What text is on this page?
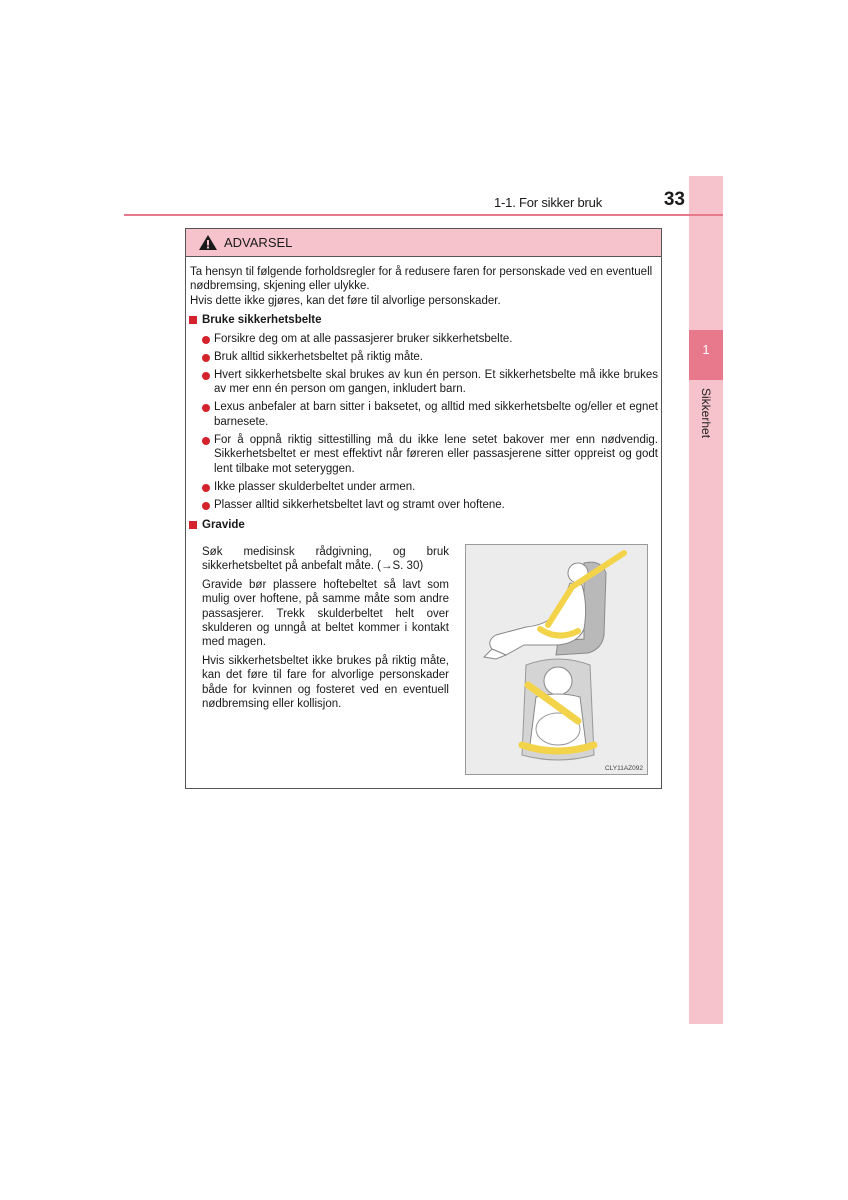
1
Sikkerhet
1-1. For sikker bruk	33
ADVARSEL
Ta hensyn til følgende forholdsregler for å redusere faren for personskade ved en eventuell nødbremsing, skjening eller ulykke.
Hvis dette ikke gjøres, kan det føre til alvorlige personskader.
Bruke sikkerhetsbelte
Forsikre deg om at alle passasjerer bruker sikkerhetsbelte.
Bruk alltid sikkerhetsbeltet på riktig måte.
Hvert sikkerhetsbelte skal brukes av kun én person. Et sikkerhetsbelte må ikke brukes av mer enn én person om gangen, inkludert barn.
Lexus anbefaler at barn sitter i baksetet, og alltid med sikkerhetsbelte og/eller et egnet barnesete.
For å oppnå riktig sittestilling må du ikke lene setet bakover mer enn nødvendig. Sikkerhetsbeltet er mest effektivt når føreren eller passasjerene sitter oppreist og godt lent tilbake mot seteryggen.
Ikke plasser skulderbeltet under armen.
Plasser alltid sikkerhetsbeltet lavt og stramt over hoftene.
Gravide

Søk medisinsk rådgivning, og bruk sikkerhetsbeltet på anbefalt måte. (→S. 30)

Gravide bør plassere hoftebeltet så lavt som mulig over hoftene, på samme måte som andre passasjerer. Trekk skulderbeltet helt over skulderen og unngå at beltet kommer i kontakt med magen.

Hvis sikkerhetsbeltet ikke brukes på riktig måte, kan det føre til fare for alvorlige personskader både for kvinnen og fosteret ved en eventuell nødbremsing eller kollisjon.

CLY11AZ092
